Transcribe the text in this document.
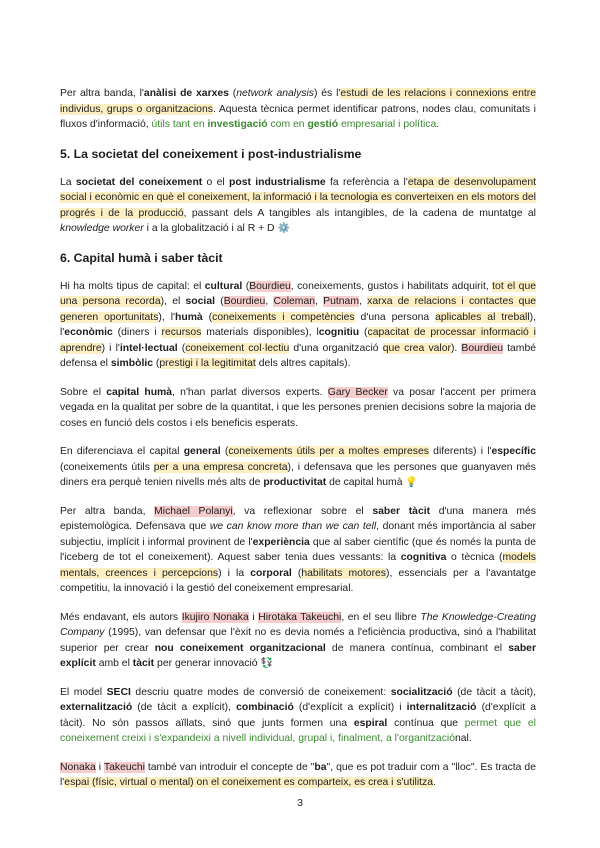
Per altra banda, l'anàlisi de xarxes (network analysis) és l'estudi de les relacions i connexions entre individus, grups o organitzacions. Aquesta tècnica permet identificar patrons, nodes clau, comunitats i fluxos d'informació, útils tant en investigació com en gestió empresarial i política.

5. La societat del coneixement i post-industrialisme

La societat del coneixement o el post industrialisme fa referència a l'etapa de desenvolupament social i econòmic en què el coneixement, la informació i la tecnologia es converteixen en els motors del progrés i de la producció, passant dels A tangibles als intangibles, de la cadena de muntatge al knowledge worker i a la globalització i al R + D ⚙️

6. Capital humà i saber tàcit

Hi ha molts tipus de capital: el cultural (Bourdieu, coneixements, gustos i habilitats adquirit, tot el que una persona recorda), el social (Bourdieu, Coleman, Putnam, xarxa de relacions i contactes que generen oportunitats), l'humà (coneixements i competències d'una persona aplicables al treball), l'econòmic (diners i recursos materials disponibles), lcognitiu (capacitat de processar informació i aprendre) i l'intel·lectual (coneixement col·lectiu d'una organització que crea valor). Bourdieu també defensa el simbòlic (prestigi i la legitimitat dels altres capitals).

Sobre el capital humà, n'han parlat diversos experts. Gary Becker va posar l'accent per primera vegada en la qualitat per sobre de la quantitat, i que les persones prenien decisions sobre la majoria de coses en funció dels costos i els beneficis esperats.

En diferenciava el capital general (coneixements útils per a moltes empreses diferents) i l'específic (coneixements útils per a una empresa concreta), i defensava que les persones que guanyaven més diners era perquè tenien nivells més alts de productivitat de capital humà 💡

Per altra banda, Michael Polanyi, va reflexionar sobre el saber tàcit d'una manera més epistemològica. Defensava que we can know more than we can tell, donant més importància al saber subjectiu, implícit i informal provinent de l'experiència que al saber científic (que és només la punta de l'iceberg de tot el coneixement). Aquest saber tenia dues vessants: la cognitiva o tècnica (models mentals, creences i percepcions) i la corporal (habilitats motores), essencials per a l'avantatge competitiu, la innovació i la gestió del coneixement empresarial.

Més endavant, els autors Ikujiro Nonaka i Hirotaka Takeuchi, en el seu llibre The Knowledge-Creating Company (1995), van defensar que l'èxit no es devia només a l'eficiència productiva, sinó a l'habilitat superior per crear nou coneixement organitzacional de manera contínua, combinant el saber explícit amb el tàcit per generar innovació 💱

El model SECI descriu quatre modes de conversió de coneixement: socialització (de tàcit a tàcit), externalització (de tàcit a explícit), combinació (d'explícit a explícit) i internalització (d'explícit a tàcit). No són passos aïllats, sinó que junts formen una espiral contínua que permet que el coneixement creixi i s'expandeixi a nivell individual, grupal i, finalment, a l'organitzaciónal.

Nonaka i Takeuchi també van introduir el concepte de "ba", que es pot traduir com a "lloc". Es tracta de l'espai (físic, virtual o mental) on el coneixement es comparteix, es crea i s'utilitza.

3
